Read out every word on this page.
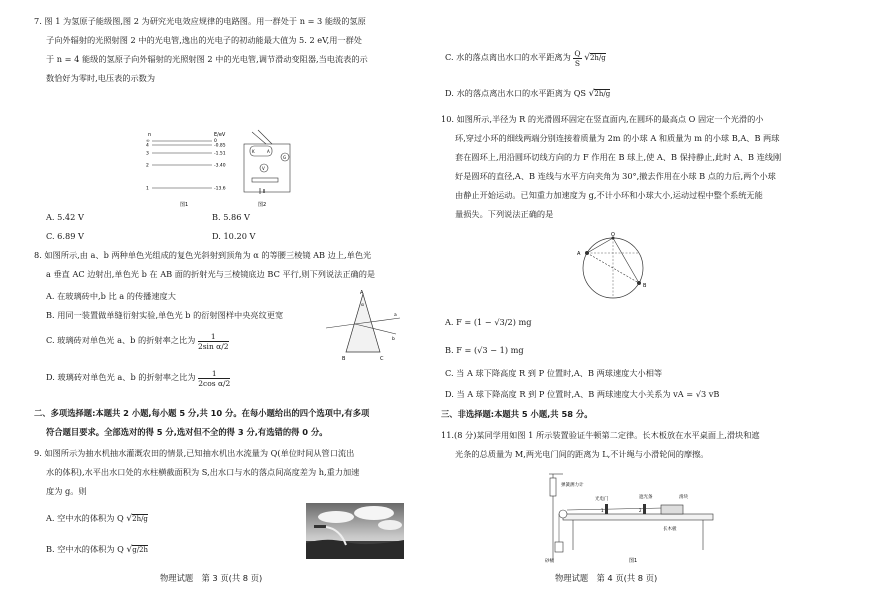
7. 图 1 为氢原子能级图,图 2 为研究光电效应规律的电路图。用一群处于 n = 3 能级的氢原
子向外辐射的光照射图 2 中的光电管,逸出的光电子的初动能最大值为 5. 2 eV,用一群处
于 n = 4 能级的氢原子向外辐射的光照射图 2 中的光电管,调节滑动变阻器,当电流表的示
数恰好为零时,电压表的示数为
n	E/eV
∞
4
3
2
1
0
-0.85
-1.51
-3.40
-13.6
图1
K	A
G
V
图2
A. 5.42 V	B. 5.86 V
C. 6.89 V	D. 10.20 V
8. 如图所示,由 a、b 两种单色光组成的复色光斜射到顶角为 α 的等腰三棱镜 AB 边上,单色光
a 垂直 AC 边射出,单色光 b 在 AB 面的折射光与三棱镜底边 BC 平行,则下列说法正确的是
A. 在玻璃砖中,b 比 a 的传播速度大
B. 用同一装置做单缝衍射实验,单色光 b 的衍射图样中央亮纹更宽
C. 玻璃砖对单色光 a、b 的折射率之比为 $\frac{1}{\text{2sin α/2}}$
D. 玻璃砖对单色光 a、b 的折射率之比为 $\frac{1}{\text{2cos α/2}}$
A
B	C
α
a
b
二、多项选择题:本题共 2 小题,每小题 5 分,共 10 分。在每小题给出的四个选项中,有多项
符合题目要求。全部选对的得 5 分,选对但不全的得 3 分,有选错的得 0 分。
9. 如图所示为抽水机抽水灌溉农田的情景,已知抽水机出水流量为 Q(单位时间从管口流出
水的体积),水平出水口处的水柱横截面积为 S,出水口与水的落点间高度差为 h,重力加速
度为 g。则
A. 空中水的体积为 Q √2h/g
B. 空中水的体积为 Q √g/2h
物理试题　第 3 页(共 8 页)
C. 水的落点离出水口的水平距离为 $\frac{Q}{S} √2h/g$
D. 水的落点离出水口的水平距离为 QS √2h/g
10. 如图所示,半径为 R 的光滑圆环固定在竖直面内,在圆环的最高点 O 固定一个光滑的小
环,穿过小环的细线两端分别连接着质量为 2m 的小球 A 和质量为 m 的小球 B,A、B 两球
套在圆环上,用沿圆环切线方向的力 F 作用在 B 球上,使 A、B 保持静止,此时 A、B 连线刚
好是圆环的直径,A、B 连线与水平方向夹角为 30°,撤去作用在小球 B 点的力后,两个小球
由静止开始运动。已知重力加速度为 g,不计小环和小球大小,运动过程中整个系统无能
量损失。下列说法正确的是
O
A
B
A. F = (1 − √3/2) mg
B. F = (√3 − 1) mg
C. 当 A 球下降高度 R 到 P 位置时,A、B 两球速度大小相等
D. 当 A 球下降高度 R 到 P 位置时,A、B 两球速度大小关系为 vA = √3 vB
三、非选择题:本题共 5 小题,共 58 分。
11.(8 分)某同学用如图 1 所示装置验证牛顿第二定律。长木板放在水平桌面上,滑块和遮
光条的总质量为 M,两光电门间的距离为 L,不计绳与小滑轮间的摩擦。
弹簧测力计
砂桶
光电门
1	2
遮光条	滑块
长木板
图1
物理试题　第 4 页(共 8 页)
